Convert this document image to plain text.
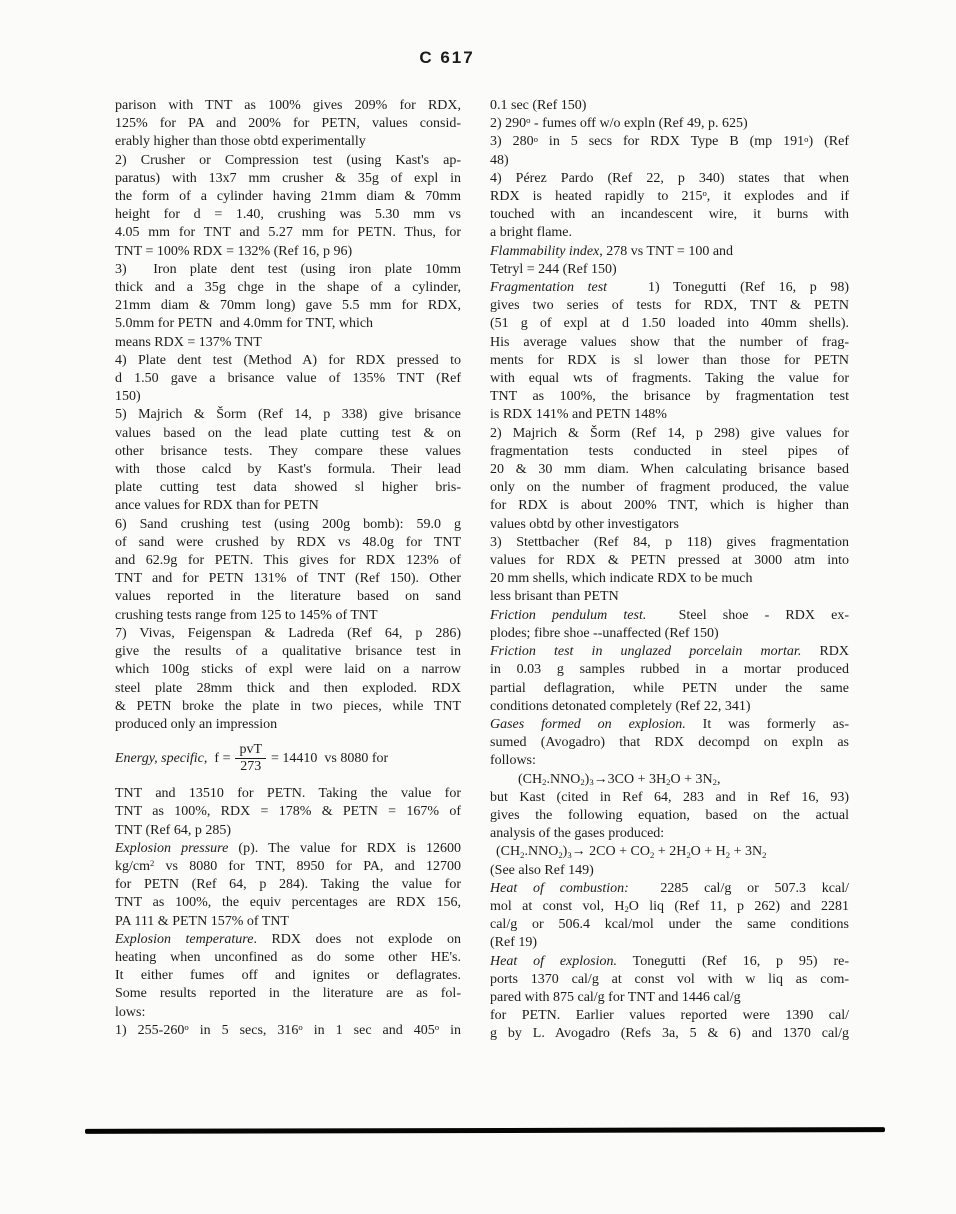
C 617
parison with TNT as 100% gives 209% for RDX,
125% for PA and 200% for PETN, values consid-
erably higher than those obtd experimentally
2) Crusher or Compression test (using Kast's ap-
paratus) with 13x7 mm crusher & 35g of expl in
the form of a cylinder having 21mm diam & 70mm
height for d = 1.40, crushing was 5.30 mm vs
4.05 mm for TNT and 5.27 mm for PETN. Thus, for
TNT = 100% RDX = 132% (Ref 16, p 96)
3)  Iron plate dent test (using iron plate 10mm
thick and a 35g chge in the shape of a cylinder,
21mm diam & 70mm long) gave 5.5 mm for RDX,
5.0mm for PETN  and 4.0mm for TNT, which
means RDX = 137% TNT
4) Plate dent test (Method A) for RDX pressed to
d 1.50 gave a brisance value of 135% TNT (Ref
150)
5) Majrich & Šorm (Ref 14, p 338) give brisance
values based on the lead plate cutting test & on
other brisance tests. They compare these values
with those calcd by Kast's formula. Their lead
plate cutting test data showed sl higher bris-
ance values for RDX than for PETN
6) Sand crushing test (using 200g bomb): 59.0 g
of sand were crushed by RDX vs 48.0g for TNT
and 62.9g for PETN. This gives for RDX 123% of
TNT and for PETN 131% of TNT (Ref 150). Other
values reported in the literature based on sand
crushing tests range from 125 to 145% of TNT
7) Vivas, Feigenspan & Ladreda (Ref 64, p 286)
give the results of a qualitative brisance test in
which 100g sticks of expl were laid on a narrow
steel plate 28mm thick and then exploded. RDX
& PETN broke the plate in two pieces, while TNT
produced only an impression
Energy, specific,  $f = \frac{\text{pvT}}{273} = 14410$  vs 8080 for
TNT and 13510 for PETN. Taking the value for
TNT as 100%, RDX = 178% & PETN = 167% of
TNT (Ref 64, p 285)
Explosion pressure (p). The value for RDX is 12600
$kg/cm^2$ vs 8080 for TNT, 8950 for PA, and 12700
for PETN (Ref 64, p 284). Taking the value for
TNT as 100%, the equiv percentages are RDX 156,
PA 111 & PETN 157% of TNT
Explosion temperature. RDX does not explode on
heating when unconfined as do some other HE's.
It either fumes off and ignites or deflagrates.
Some results reported in the literature are as fol-
lows:
1) 255-260$^o$ in 5 secs, 316$^o$ in 1 sec and 405$^o$ in
0.1 sec (Ref 150)
2) 290$^o$ - fumes off w/o expln (Ref 49, p. 625)
3) 280$^o$ in 5 secs for RDX Type B (mp 191$^o$) (Ref
48)
4) Pérez Pardo (Ref 22, p 340) states that when
RDX is heated rapidly to 215$^o$, it explodes and if
touched with an incandescent wire, it burns with
a bright flame.
Flammability index, 278 vs TNT = 100 and
Tetryl = 244 (Ref 150)
Fragmentation test   1) Tonegutti (Ref 16, p 98)
gives two series of tests for RDX, TNT & PETN
(51 g of expl at d 1.50 loaded into 40mm shells).
His average values show that the number of frag-
ments for RDX is sl lower than those for PETN
with equal wts of fragments. Taking the value for
TNT as 100%, the brisance by fragmentation test
is RDX 141% and PETN 148%
2) Majrich & Šorm (Ref 14, p 298) give values for
fragmentation tests conducted in steel pipes of
20 & 30 mm diam. When calculating brisance based
only on the number of fragment produced, the value
for RDX is about 200% TNT, which is higher than
values obtd by other investigators
3) Stettbacher (Ref 84, p 118) gives fragmentation
values for RDX & PETN pressed at 3000 atm into
20 mm shells, which indicate RDX to be much
less brisant than PETN
Friction pendulum test.  Steel shoe - RDX ex-
plodes; fibre shoe --unaffected (Ref 150)
Friction test in unglazed porcelain mortar. RDX
in 0.03 g samples rubbed in a mortar produced
partial deflagration, while PETN under the same
conditions detonated completely (Ref 22, 341)
Gases formed on explosion. It was formerly as-
sumed (Avogadro) that RDX decompd on expln as
follows:
$(CH_2.NNO_2)_3\to 3CO + 3H_2O + 3N_2$,
but Kast (cited in Ref 64, 283 and in Ref 16, 93)
gives the following equation, based on the actual
analysis of the gases produced:
$(CH_2.NNO_2)_3\to 2CO + CO_2 + 2H_2O + H_2 + 3N_2$
(See also Ref 149)
Heat of combustion:  2285 cal/g or 507.3 kcal/
mol at const vol, $H_2O$ liq (Ref 11, p 262) and 2281
cal/g or 506.4 kcal/mol under the same conditions
(Ref 19)
Heat of explosion. Tonegutti (Ref 16, p 95) re-
ports 1370 cal/g at const vol with w liq as com-
pared with 875 cal/g for TNT and 1446 cal/g
for PETN. Earlier values reported were 1390 cal/
g by L. Avogadro (Refs 3a, 5 & 6) and 1370 cal/g
